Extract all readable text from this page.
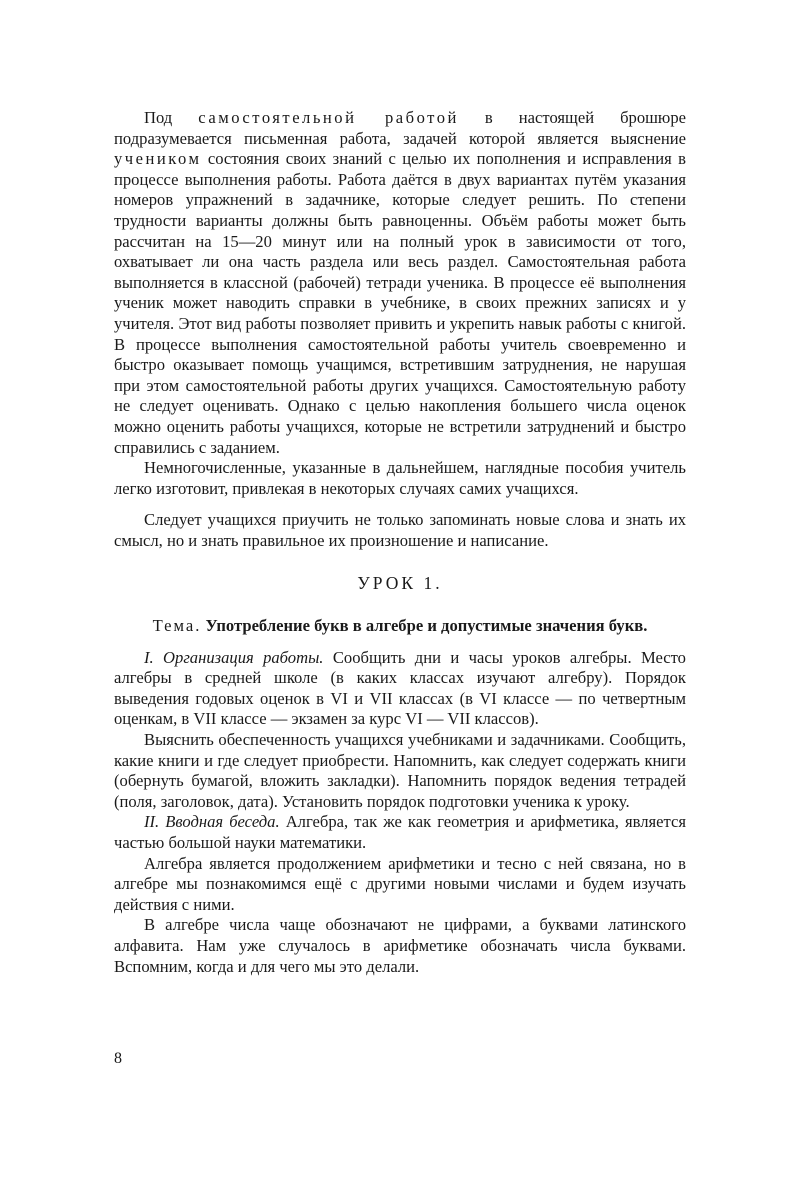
Под самостоятельной работой в настоящей брошюре подразумевается письменная работа, задачей которой является выяснение учеником состояния своих знаний с целью их пополнения и исправления в процессе выполнения работы. Работа даётся в двух вариантах путём указания номеров упражнений в задачнике, которые следует решить. По степени трудности варианты должны быть равноценны. Объём работы может быть рассчитан на 15—20 минут или на полный урок в зависимости от того, охватывает ли она часть раздела или весь раздел. Самостоятельная работа выполняется в классной (рабочей) тетради ученика. В процессе её выполнения ученик может наводить справки в учебнике, в своих прежних записях и у учителя. Этот вид работы позволяет привить и укрепить навык работы с книгой. В процессе выполнения самостоятельной работы учитель своевременно и быстро оказывает помощь учащимся, встретившим затруднения, не нарушая при этом самостоятельной работы других учащихся. Самостоятельную работу не следует оценивать. Однако с целью накопления большего числа оценок можно оценить работы учащихся, которые не встретили затруднений и быстро справились с заданием.

Немногочисленные, указанные в дальнейшем, наглядные пособия учитель легко изготовит, привлекая в некоторых случаях самих учащихся.

Следует учащихся приучить не только запоминать новые слова и знать их смысл, но и знать правильное их произношение и написание.

УРОК 1.

Тема. Употребление букв в алгебре и допустимые значения букв.

I. Организация работы. Сообщить дни и часы уроков алгебры. Место алгебры в средней школе (в каких классах изучают алгебру). Порядок выведения годовых оценок в VI и VII классах (в VI классе — по четвертным оценкам, в VII классе — экзамен за курс VI — VII классов).

Выяснить обеспеченность учащихся учебниками и задачниками. Сообщить, какие книги и где следует приобрести. Напомнить, как следует содержать книги (обернуть бумагой, вложить закладки). Напомнить порядок ведения тетрадей (поля, заголовок, дата). Установить порядок подготовки ученика к уроку.

II. Вводная беседа. Алгебра, так же как геометрия и арифметика, является частью большой науки математики.

Алгебра является продолжением арифметики и тесно с ней связана, но в алгебре мы познакомимся ещё с другими новыми числами и будем изучать действия с ними.

В алгебре числа чаще обозначают не цифрами, а буквами латинского алфавита. Нам уже случалось в арифметике обозначать числа буквами. Вспомним, когда и для чего мы это делали.

8
